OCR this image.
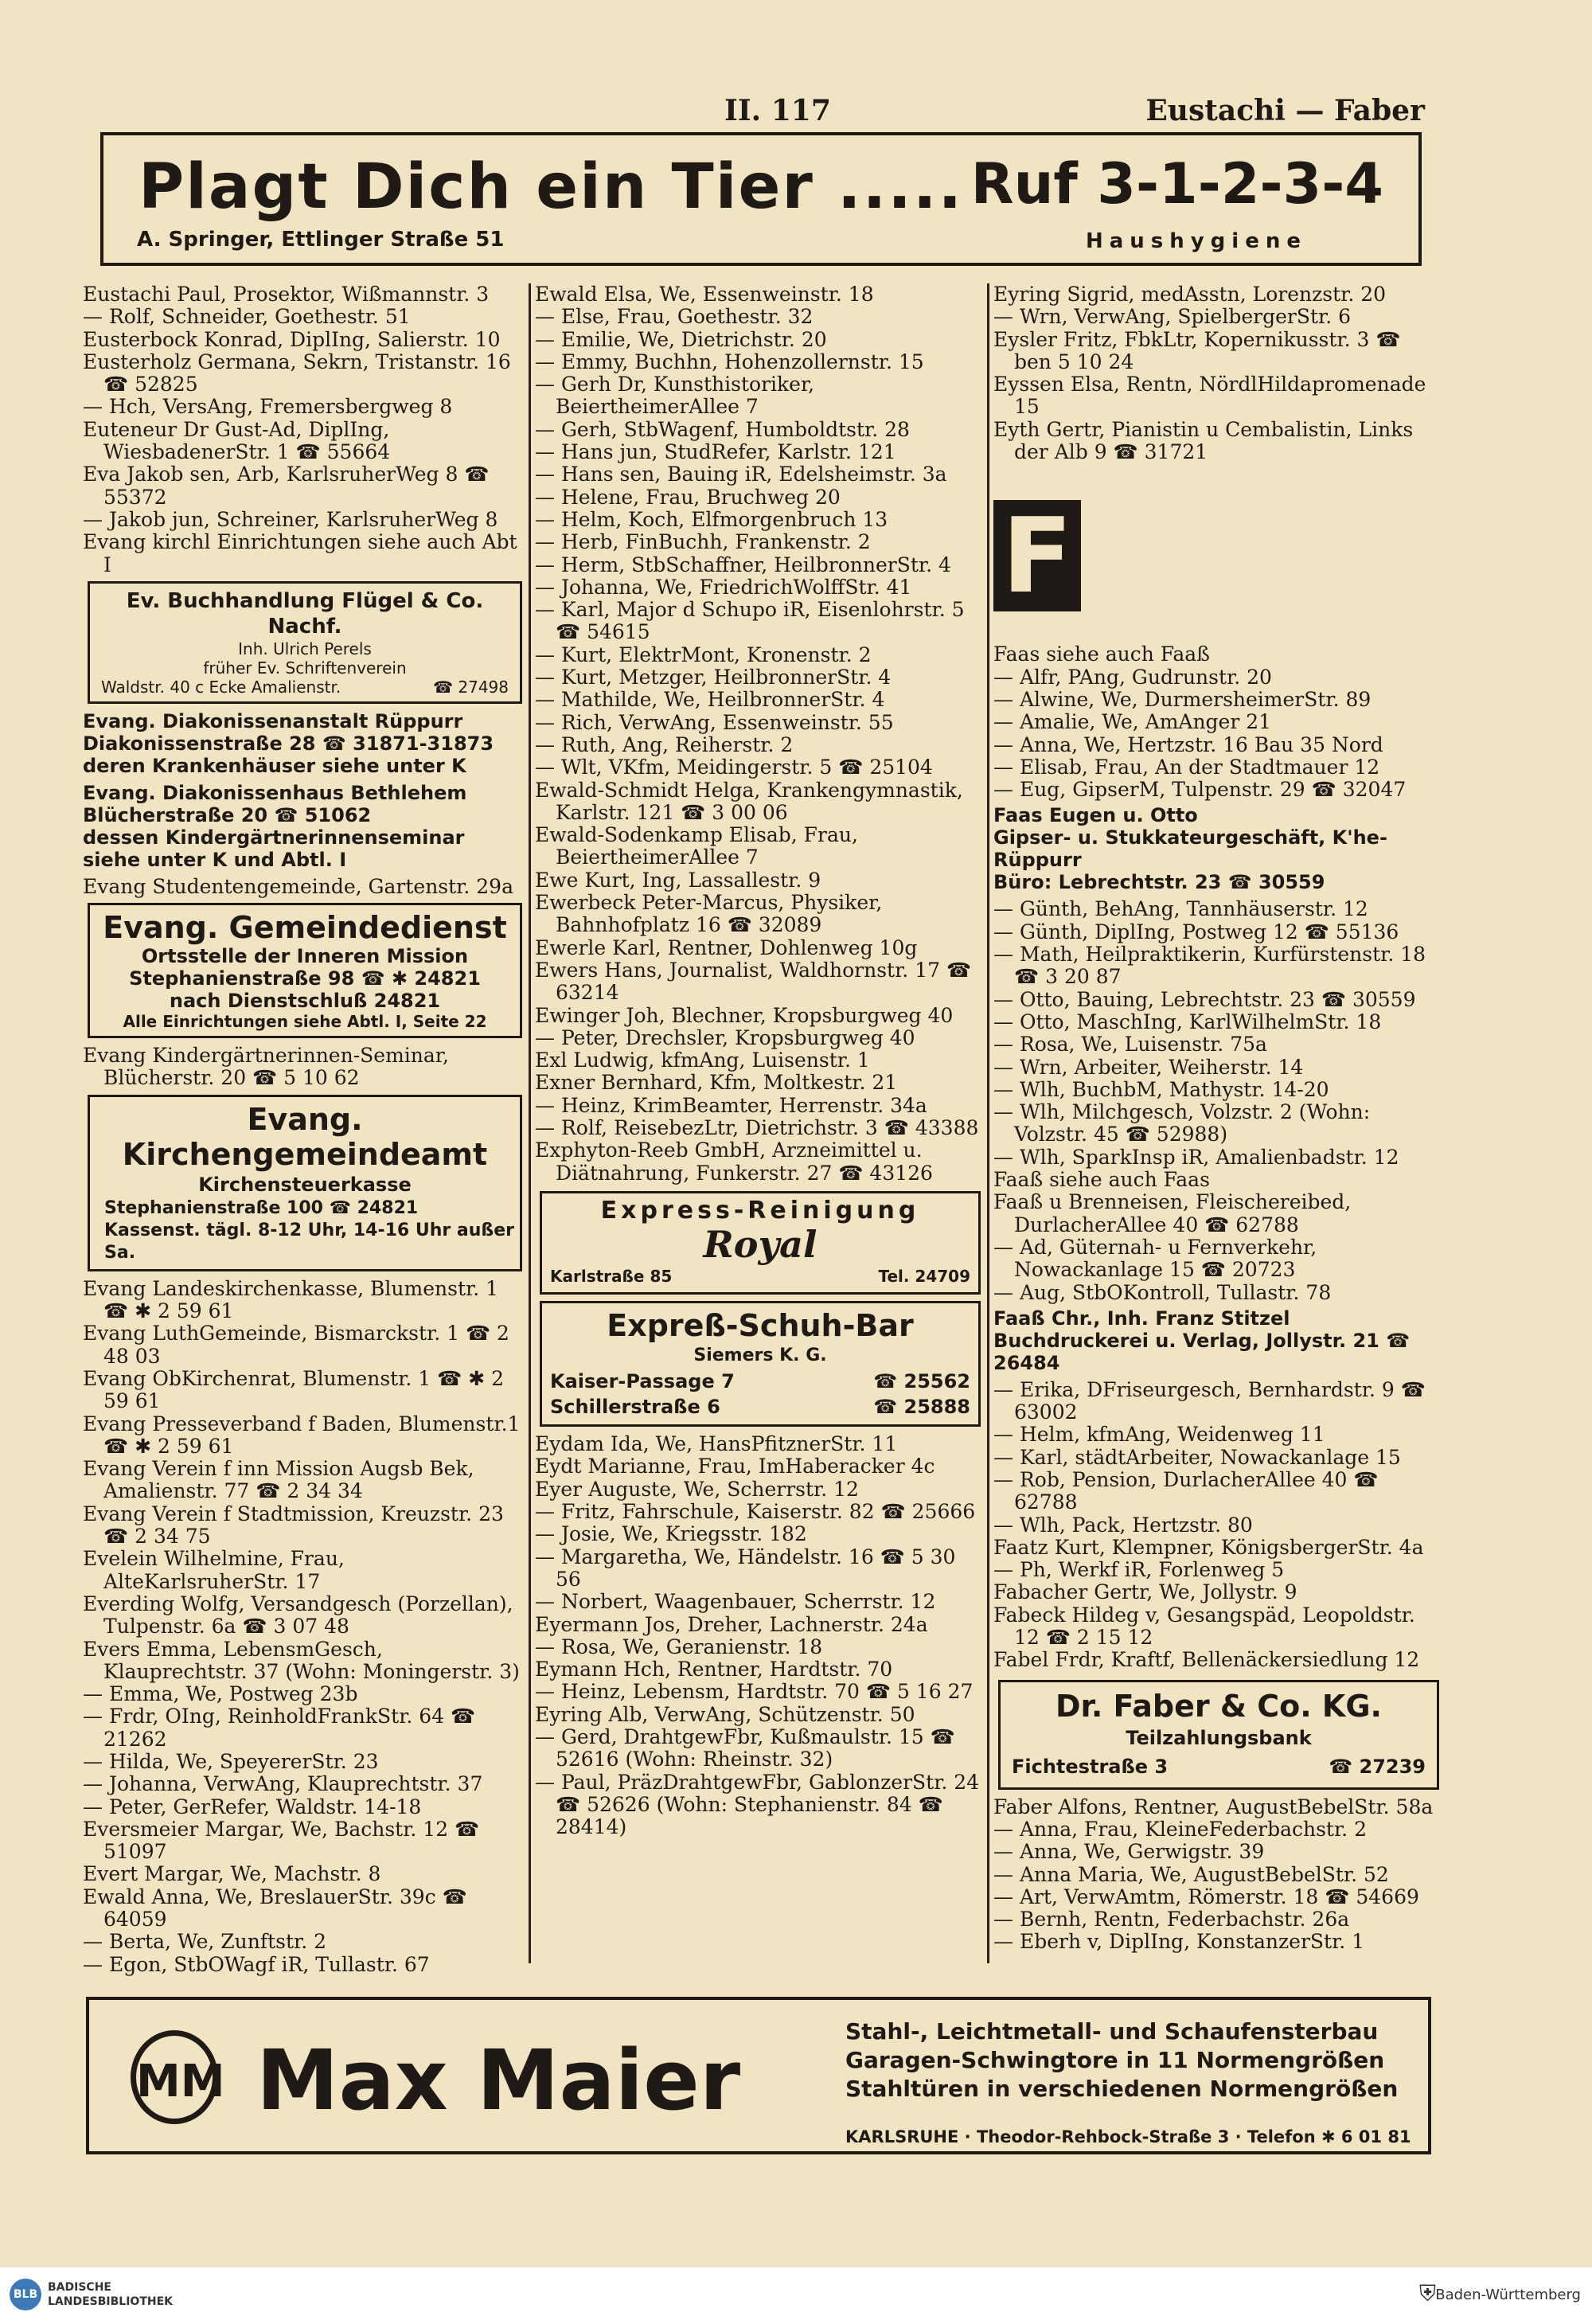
II. 117	Eustachi — Faber
Plagt Dich ein Tier ..... Ruf 3-1-2-3-4
A. Springer, Ettlinger Straße 51	Haushygiene

Eustachi Paul, Prosektor, Wißmannstr. 3

— Rolf, Schneider, Goethestr. 51

Eusterbock Konrad, DiplIng, Salierstr. 10

Eusterholz Germana, Sekrn, Tristanstr. 16 ☎ 52825

— Hch, VersAng, Fremersbergweg 8

Euteneur Dr Gust-Ad, DiplIng, WiesbadenerStr. 1 ☎ 55664

Eva Jakob sen, Arb, KarlsruherWeg 8 ☎ 55372

— Jakob jun, Schreiner, KarlsruherWeg 8

Evang kirchl Einrichtungen siehe auch Abt I

Ev. Buchhandlung Flügel & Co. Nachf.
Inh. Ulrich Perels
früher Ev. Schriftenverein
Waldstr. 40 c Ecke Amalienstr.	☎ 27498
Evang. Diakonissenanstalt Rüppurr
Diakonissenstraße 28 ☎ 31871-31873
deren Krankenhäuser siehe unter K
Evang. Diakonissenhaus Bethlehem
Blücherstraße 20 ☎ 51062
dessen Kindergärtnerinnenseminar
siehe unter K und Abtl. I

Evang Studentengemeinde, Gartenstr. 29a

Evang. Gemeindedienst
Ortsstelle der Inneren Mission
Stephanienstraße 98 ☎ ✱ 24821
nach Dienstschluß 24821
Alle Einrichtungen siehe Abtl. I, Seite 22

Evang Kindergärtnerinnen-Seminar, Blücherstr. 20 ☎ 5 10 62

Evang. Kirchengemeindeamt
Kirchensteuerkasse
Stephanienstraße 100 ☎ 24821
Kassenst. tägl. 8-12 Uhr, 14-16 Uhr außer Sa.

Evang Landeskirchenkasse, Blumenstr. 1 ☎ ✱ 2 59 61

Evang LuthGemeinde, Bismarckstr. 1 ☎ 2 48 03

Evang ObKirchenrat, Blumenstr. 1 ☎ ✱ 2 59 61

Evang Presseverband f Baden, Blumenstr.1 ☎ ✱ 2 59 61

Evang Verein f inn Mission Augsb Bek, Amalienstr. 77 ☎ 2 34 34

Evang Verein f Stadtmission, Kreuzstr. 23 ☎ 2 34 75

Evelein Wilhelmine, Frau, AlteKarlsruherStr. 17

Everding Wolfg, Versandgesch (Porzellan), Tulpenstr. 6a ☎ 3 07 48

Evers Emma, LebensmGesch, Klauprechtstr. 37 (Wohn: Moningerstr. 3)

— Emma, We, Postweg 23b

— Frdr, OIng, ReinholdFrankStr. 64 ☎ 21262

— Hilda, We, SpeyererStr. 23

— Johanna, VerwAng, Klauprechtstr. 37

— Peter, GerRefer, Waldstr. 14-18

Eversmeier Margar, We, Bachstr. 12 ☎ 51097

Evert Margar, We, Machstr. 8

Ewald Anna, We, BreslauerStr. 39c ☎ 64059

— Berta, We, Zunftstr. 2

— Egon, StbOWagf iR, Tullastr. 67

Ewald Elsa, We, Essenweinstr. 18

— Else, Frau, Goethestr. 32

— Emilie, We, Dietrichstr. 20

— Emmy, Buchhn, Hohenzollernstr. 15

— Gerh Dr, Kunsthistoriker, BeiertheimerAllee 7

— Gerh, StbWagenf, Humboldtstr. 28

— Hans jun, StudRefer, Karlstr. 121

— Hans sen, Bauing iR, Edelsheimstr. 3a

— Helene, Frau, Bruchweg 20

— Helm, Koch, Elfmorgenbruch 13

— Herb, FinBuchh, Frankenstr. 2

— Herm, StbSchaffner, HeilbronnerStr. 4

— Johanna, We, FriedrichWolffStr. 41

— Karl, Major d Schupo iR, Eisenlohrstr. 5 ☎ 54615

— Kurt, ElektrMont, Kronenstr. 2

— Kurt, Metzger, HeilbronnerStr. 4

— Mathilde, We, HeilbronnerStr. 4

— Rich, VerwAng, Essenweinstr. 55

— Ruth, Ang, Reiherstr. 2

— Wlt, VKfm, Meidingerstr. 5 ☎ 25104

Ewald-Schmidt Helga, Krankengymnastik, Karlstr. 121 ☎ 3 00 06

Ewald-Sodenkamp Elisab, Frau, BeiertheimerAllee 7

Ewe Kurt, Ing, Lassallestr. 9

Ewerbeck Peter-Marcus, Physiker, Bahnhofplatz 16 ☎ 32089

Ewerle Karl, Rentner, Dohlenweg 10g

Ewers Hans, Journalist, Waldhornstr. 17 ☎ 63214

Ewinger Joh, Blechner, Kropsburgweg 40

— Peter, Drechsler, Kropsburgweg 40

Exl Ludwig, kfmAng, Luisenstr. 1

Exner Bernhard, Kfm, Moltkestr. 21

— Heinz, KrimBeamter, Herrenstr. 34a

— Rolf, ReisebezLtr, Dietrichstr. 3 ☎ 43388

Exphyton-Reeb GmbH, Arzneimittel u. Diätnahrung, Funkerstr. 27 ☎ 43126

Express-Reinigung
Royal
Karlstraße 85	Tel. 24709
Expreß-Schuh-Bar
Siemers K. G.
Kaiser-Passage 7	☎ 25562
Schillerstraße 6	☎ 25888

Eydam Ida, We, HansPfitznerStr. 11

Eydt Marianne, Frau, ImHaberacker 4c

Eyer Auguste, We, Scherrstr. 12

— Fritz, Fahrschule, Kaiserstr. 82 ☎ 25666

— Josie, We, Kriegsstr. 182

— Margaretha, We, Händelstr. 16 ☎ 5 30 56

— Norbert, Waagenbauer, Scherrstr. 12

Eyermann Jos, Dreher, Lachnerstr. 24a

— Rosa, We, Geranienstr. 18

Eymann Hch, Rentner, Hardtstr. 70

— Heinz, Lebensm, Hardtstr. 70 ☎ 5 16 27

Eyring Alb, VerwAng, Schützenstr. 50

— Gerd, DrahtgewFbr, Kußmaulstr. 15 ☎ 52616 (Wohn: Rheinstr. 32)

— Paul, PräzDrahtgewFbr, GablonzerStr. 24 ☎ 52626 (Wohn: Stephanienstr. 84 ☎ 28414)

Eyring Sigrid, medAsstn, Lorenzstr. 20

— Wrn, VerwAng, SpielbergerStr. 6

Eysler Fritz, FbkLtr, Kopernikusstr. 3 ☎ ben 5 10 24

Eyssen Elsa, Rentn, NördlHildapromenade 15

Eyth Gertr, Pianistin u Cembalistin, Links der Alb 9 ☎ 31721

F

Faas siehe auch Faaß

— Alfr, PAng, Gudrunstr. 20

— Alwine, We, DurmersheimerStr. 89

— Amalie, We, AmAnger 21

— Anna, We, Hertzstr. 16 Bau 35 Nord

— Elisab, Frau, An der Stadtmauer 12

— Eug, GipserM, Tulpenstr. 29 ☎ 32047

Faas Eugen u. Otto
Gipser- u. Stukkateurgeschäft, K'he-Rüppurr
Büro: Lebrechtstr. 23 ☎ 30559

— Günth, BehAng, Tannhäuserstr. 12

— Günth, DiplIng, Postweg 12 ☎ 55136

— Math, Heilpraktikerin, Kurfürstenstr. 18 ☎ 3 20 87

— Otto, Bauing, Lebrechtstr. 23 ☎ 30559

— Otto, MaschIng, KarlWilhelmStr. 18

— Rosa, We, Luisenstr. 75a

— Wrn, Arbeiter, Weiherstr. 14

— Wlh, BuchbM, Mathystr. 14-20

— Wlh, Milchgesch, Volzstr. 2 (Wohn: Volzstr. 45 ☎ 52988)

— Wlh, SparkInsp iR, Amalienbadstr. 12

Faaß siehe auch Faas

Faaß u Brenneisen, Fleischereibed, DurlacherAllee 40 ☎ 62788

— Ad, Güternah- u Fernverkehr, Nowackanlage 15 ☎ 20723

— Aug, StbOKontroll, Tullastr. 78

Faaß Chr., Inh. Franz Stitzel
Buchdruckerei u. Verlag, Jollystr. 21 ☎ 26484

— Erika, DFriseurgesch, Bernhardstr. 9 ☎ 63002

— Helm, kfmAng, Weidenweg 11

— Karl, städtArbeiter, Nowackanlage 15

— Rob, Pension, DurlacherAllee 40 ☎ 62788

— Wlh, Pack, Hertzstr. 80

Faatz Kurt, Klempner, KönigsbergerStr. 4a

— Ph, Werkf iR, Forlenweg 5

Fabacher Gertr, We, Jollystr. 9

Fabeck Hildeg v, Gesangspäd, Leopoldstr. 12 ☎ 2 15 12

Fabel Frdr, Kraftf, Bellenäckersiedlung 12

Dr. Faber & Co. KG.
Teilzahlungsbank
Fichtestraße 3	☎ 27239

Faber Alfons, Rentner, AugustBebelStr. 58a

— Anna, Frau, KleineFederbachstr. 2

— Anna, We, Gerwigstr. 39

— Anna Maria, We, AugustBebelStr. 52

— Art, VerwAmtm, Römerstr. 18 ☎ 54669

— Bernh, Rentn, Federbachstr. 26a

— Eberh v, DiplIng, KonstanzerStr. 1

MM Max Maier
Stahl-, Leichtmetall- und Schaufensterbau
Garagen-Schwingtore in 11 Normengrößen
Stahltüren in verschiedenen Normengrößen
KARLSRUHE · Theodor-Rehbock-Straße 3 · Telefon ✱ 6 01 81
BLB
BADISCHE
LANDESBIBLIOTHEK	⛨ Baden-Württemberg
